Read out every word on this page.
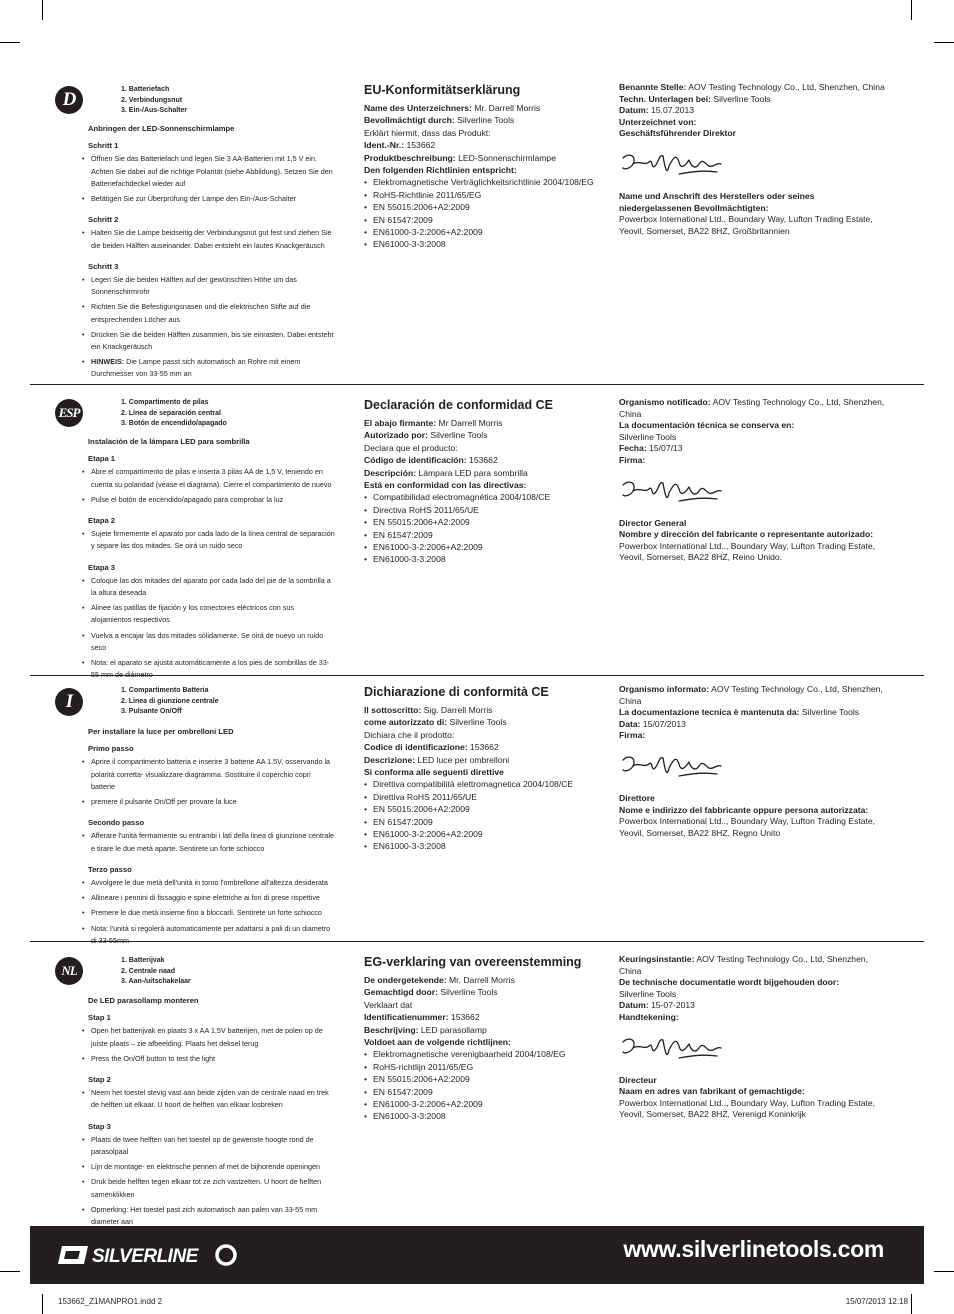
D	1. Batteriefach
2. Verbindungsnut
3. Ein-/Aus-Schalter
Anbringen der LED-Sonnenschirmlampe
Schritt 1
• Öffnen Sie das Batteriefach und legen Sie 3 AA-Batterien mit 1,5 V ein. Achten Sie dabei auf die richtige Polarität (siehe Abbildung). Setzen Sie den Batteriefachdeckel wieder auf
• Betätigen Sie zur Überprüfung der Lampe den Ein-/Aus-Schalter
Schritt 2
• Halten Sie die Lampe beidseitig der Verbindungsnut gut fest und ziehen Sie die beiden Hälften auseinander. Dabei entsteht ein lautes Knackgeräusch
Schritt 3
• Legen Sie die beiden Hälften auf der gewünschten Höhe um das Sonnenschirmrohr
• Richten Sie die Befestigungsnasen und die elektrischen Stifte auf die entsprechenden Löcher aus
• Drücken Sie die beiden Hälften zusammen, bis sie einrasten. Dabei entsteht ein Knackgeräusch
• HINWEIS: Die Lampe passt sich automatisch an Rohre mit einem Durchmesser von 33-55 mm an
EU-Konformitätserklärung
Name des Unterzeichners: Mr. Darrell Morris
Bevollmächtigt durch: Silverline Tools
Erklärt hiermit, dass das Produkt:
Ident.-Nr.: 153662
Produktbeschreibung: LED-Sonnenschirmlampe
Den folgenden Richtlinien entspricht:
• Elektromagnetische Verträglichkeitsrichtlinie 2004/108/EG
• RoHS-Richtlinie 2011/65/EG
• EN 55015:2006+A2:2009
• EN 61547:2009
• EN61000-3-2:2006+A2:2009
• EN61000-3-3:2008
Benannte Stelle: AOV Testing Technology Co., Ltd, Shenzhen, China
Techn. Unterlagen bei: Silverline Tools
Datum: 15.07.2013
Unterzeichnet von:
Geschäftsführender Direktor
Name und Anschrift des Herstellers oder seines niedergelassenen Bevollmächtigten:
Powerbox International Ltd., Boundary Way, Lufton Trading Estate, Yeovil, Somerset, BA22 8HZ, Großbritannien
ESP
1. Compartimento de pilas
2. Línea de separación central
3. Botón de encendido/apagado
Instalación de la lámpara LED para sombrilla
Etapa 1
• Abre el compartimento de pilas e inserta 3 pilas AA de 1,5 V, teniendo en cuenta su polaridad (véase el diagrama). Cierre el compartimento de nuevo
• Pulse el botón de encendido/apagado para comprobar la luz
Etapa 2
• Sujete firmemente el aparato por cada lado de la línea central de separación y separe las dos mitades. Se oirá un ruido seco
Etapa 3
• Coloque las dos mitades del aparato por cada lado del pie de la sombrilla a la altura deseada
• Alinee las patillas de fijación y los conectores eléctricos con sus alojamientos respectivos
• Vuelva a encajar las dos mitades sólidamente. Se oirá de nuevo un ruido seco
• Nota: el aparato se ajusta automáticamente a los pies de sombrillas de 33-
Declaración de conformidad CE
El abajo firmante: Mr Darrell Morris
Autorizado por: Silverline Tools
Declara que el producto:
Código de identificación: 153662
Descripción: Lámpara LED para sombrilla
Está en conformidad con las directivas:
• Compatibilidad electromagnética 2004/108/CE
• Directiva RoHS 2011/65/UE
• EN 55015:2006+A2:2009
• EN 61547:2009
• EN61000-3-2:2006+A2:2009
• EN61000-3-3:2008
Organismo notificado: AOV Testing Technology Co., Ltd, Shenzhen, China
La documentación técnica se conserva en:
Silverline Tools
Fecha: 15/07/13
Firma:
Director General
Nombre y dirección del fabricante o representante autorizado:
Powerbox International Ltd.., Boundary Way, Lufton Trading Estate, Yeovil, Somerset, BA22 8HZ, Reino Unido.
I
1. Compartimento Batteria
2. Linea di giunzione centrale
3. Pulsante On/Off
Per installare la luce per ombrelloni LED
Primo passo
• Aprire il compartimento batteria e inserire 3 batterie AA 1.5V, osservando la polarità corretta- visualizzare diagramma. Sostituire il coperchio copri batterie
• premere il pulsante On/Off per provare la luce
Secondo passo
• Afferare l'unità fermamente su entrambi i lati della linea di giunzione centrale e tirare le due metà aparte. Sentirete un forte schiocco
Terzo passo
• Avvolgere le due metà dell'unità in torno l'ombrellone all'altezza desiderata
• Allineare i pennini di fissaggio e spine elettriche ai fori di prese rispettive
• Premere le due metà insieme fino a bloccarli. Sentirete un forte schiocco
• Nota: l'unità si regolerà automaticamente per adattarsi a pali di un diametro
Dichiarazione di conformità CE
Il sottoscritto: Sig. Darrell Morris
come autorizzato di: Silverline Tools
Dichiara che il prodotto:
Codice di identificazione: 153662
Descrizione: LED luce per ombrelloni
Si conforma alle seguenti direttive
• Direttiva compatibilità elettromagnetica 2004/108/CE
• Direttiva RoHS 2011/65/UE
• EN 55015:2006+A2:2009
• EN 61547:2009
• EN61000-3-2:2006+A2:2009
• EN61000-3-3:2008
Organismo informato: AOV Testing Technology Co., Ltd, Shenzhen, China
La documentazione tecnica è mantenuta da: Silverline Tools
Data: 15/07/2013
Firma:
Direttore
Nome e indirizzo del fabbricante oppure persona autorizzata:
Powerbox International Ltd.., Boundary Way, Lufton Trading Estate, Yeovil, Somerset, BA22 8HZ, Regno Unito
NL
1. Batterijvak
2. Centrale naad
3. Aan-/uitschakelaar
De LED parasollamp monteren
Stap 1
• Open het batterijvak en plaats 3 x AA 1,5V batterijen, met de polen op de juiste plaats – zie afbeelding. Plaats het deksel terug
• Press the On/Off button to test the light
Stap 2
• Neem het toestel stevig vast aan beide zijden van de centrale naad en trek de helften uit elkaar. U hoort de helften van elkaar losbreken
Stap 3
• Plaats de twee helften van het toestel op de gewenste hoogte rond de parasolpaal
• Lijn de montage- en elektrische pennen af met de bijhorende openingen
• Druk beide helften tegen elkaar tot ze zich vastzetten. U hoort de helften samenklikken
• Opmerking: Het toestel past zich automatisch aan palen van 33-55 mm diameter aan
EG-verklaring van overeenstemming
De ondergetekende: Mr. Darrell Morris
Gemachtigd door: Silverline Tools
Verklaart dat
Identificatienummer: 153662
Beschrijving: LED parasollamp
Voldoet aan de volgende richtlijnen:
• Elektromagnetische verenigbaarheid 2004/108/EG
• RoHS-richtlijn 2011/65/EG
• EN 55015:2006+A2:2009
• EN 61547:2009
• EN61000-3-2:2006+A2:2009
• EN61000-3-3:2008
Keuringsinstantie: AOV Testing Technology Co., Ltd, Shenzhen, China
De technische documentatie wordt bijgehouden door:
Silverline Tools
Datum: 15-07-2013
Handtekening:
Directeur
Naam en adres van fabrikant of gemachtigde:
Powerbox International Ltd.., Boundary Way, Lufton Trading Estate, Yeovil, Somerset, BA22 8HZ, Verenigd Koninkrijk
SILVERLINE	www.silverlinetools.com
153662_Z1MANPRO1.indd 2	15/07/2013 12:18
